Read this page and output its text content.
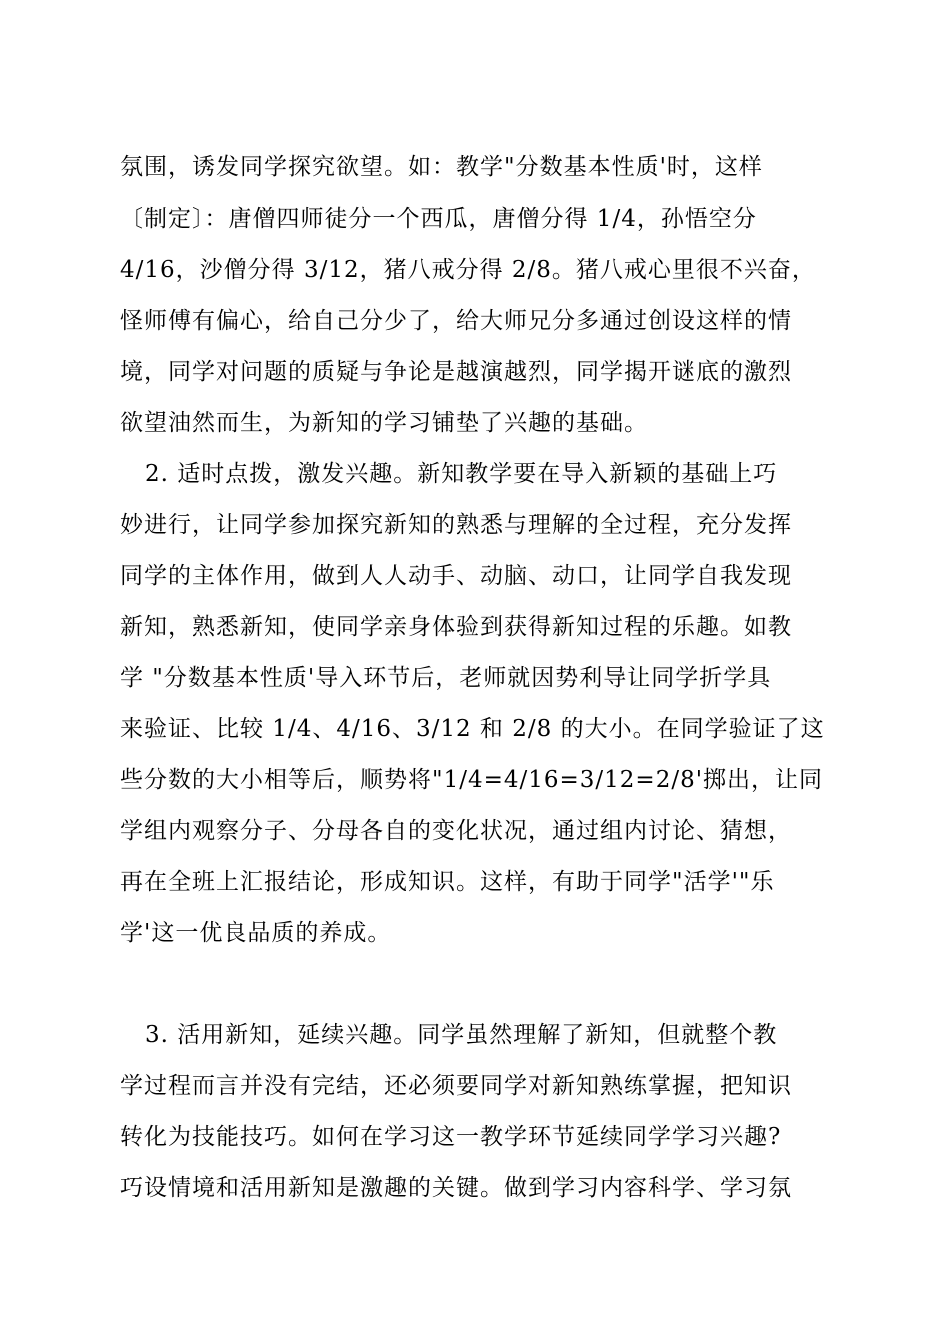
氛围，诱发同学探究欲望。如：教学"分数基本性质'时，这样
〔制定〕：唐僧四师徒分一个西瓜，唐僧分得 1/4，孙悟空分
4/16，沙僧分得 3/12，猪八戒分得 2/8。猪八戒心里很不兴奋，
怪师傅有偏心，给自己分少了，给大师兄分多通过创设这样的情
境，同学对问题的质疑与争论是越演越烈，同学揭开谜底的激烈
欲望油然而生，为新知的学习铺垫了兴趣的基础。
2. 适时点拨，激发兴趣。新知教学要在导入新颖的基础上巧
妙进行，让同学参加探究新知的熟悉与理解的全过程，充分发挥
同学的主体作用，做到人人动手、动脑、动口，让同学自我发现
新知，熟悉新知，使同学亲身体验到获得新知过程的乐趣。如教
学 "分数基本性质'导入环节后，老师就因势利导让同学折学具
来验证、比较 1/4、4/16、3/12 和 2/8 的大小。在同学验证了这
些分数的大小相等后，顺势将"1/4=4/16=3/12=2/8'掷出，让同
学组内观察分子、分母各自的变化状况，通过组内讨论、猜想，
再在全班上汇报结论，形成知识。这样，有助于同学"活学'"乐
学'这一优良品质的养成。
3. 活用新知，延续兴趣。同学虽然理解了新知，但就整个教
学过程而言并没有完结，还必须要同学对新知熟练掌握，把知识
转化为技能技巧。如何在学习这一教学环节延续同学学习兴趣?
巧设情境和活用新知是激趣的关键。做到学习内容科学、学习氛
